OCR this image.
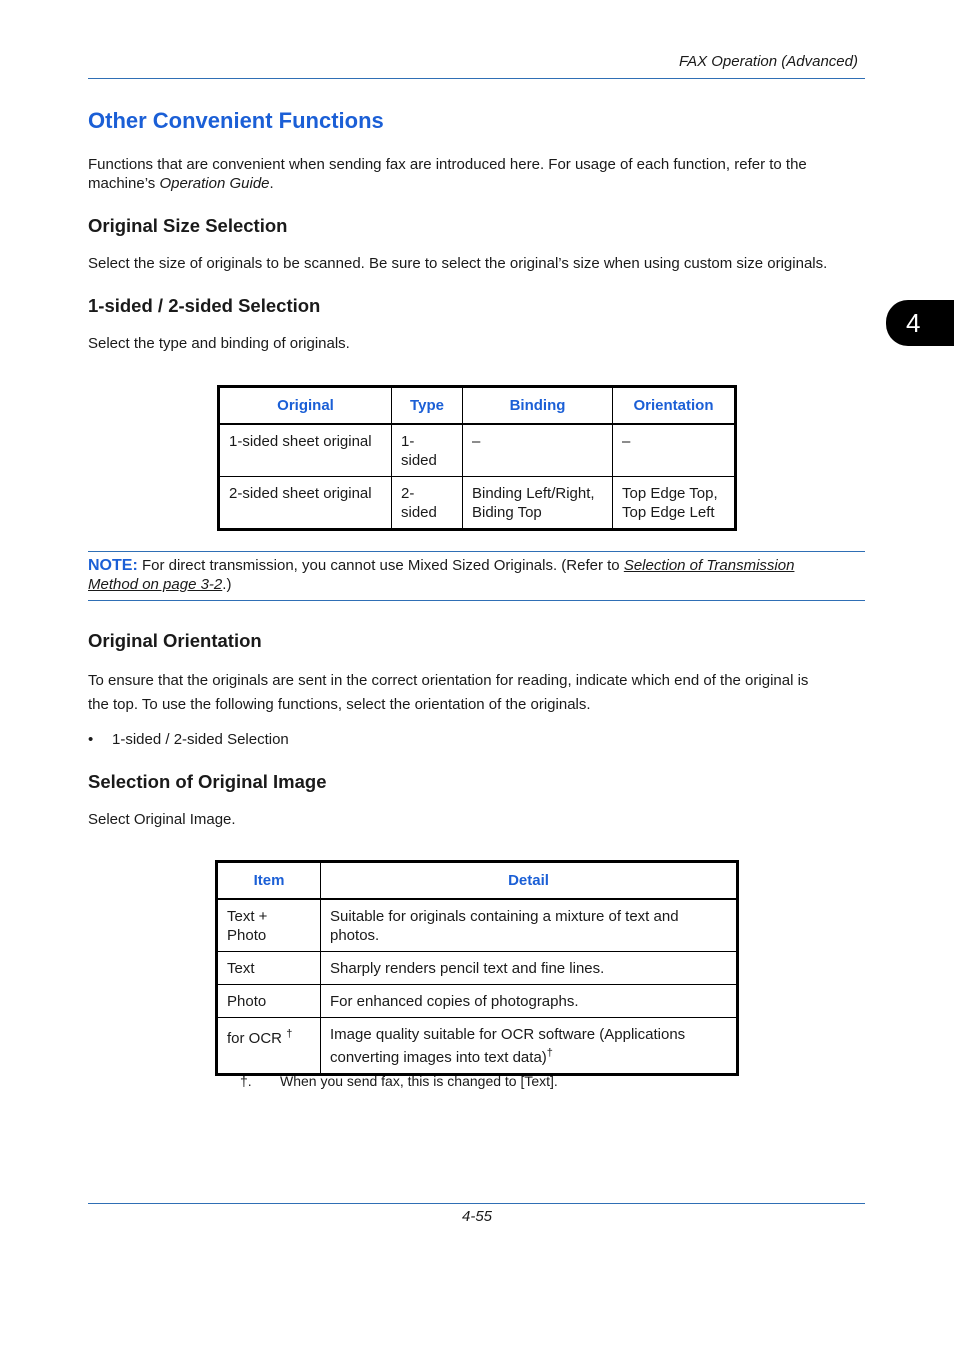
FAX Operation (Advanced)
4
Other Convenient Functions
Functions that are convenient when sending fax are introduced here. For usage of each function, refer to the
machine’s Operation Guide.
Original Size Selection
Select the size of originals to be scanned. Be sure to select the original’s size when using custom size originals.
1-sided / 2-sided Selection
Select the type and binding of originals.
Original	Type	Binding	Orientation
1-sided sheet original	1-
sided	–	–
2-sided sheet original	2-
sided	Binding Left/Right,
Biding Top	Top Edge Top,
Top Edge Left
NOTE: For direct transmission, you cannot use Mixed Sized Originals. (Refer to Selection of Transmission
Method on page 3-2.)
Original Orientation
To ensure that the originals are sent in the correct orientation for reading, indicate which end of the original is
the top. To use the following functions, select the orientation of the originals.
• 1-sided / 2-sided Selection
Selection of Original Image
Select Original Image.
Item	Detail
Text +
Photo	Suitable for originals containing a mixture of text and
photos.
Text	Sharply renders pencil text and fine lines.
Photo	For enhanced copies of photographs.
for OCR †	Image quality suitable for OCR software (Applications
converting images into text data)†
†. When you send fax, this is changed to [Text].
4-55
